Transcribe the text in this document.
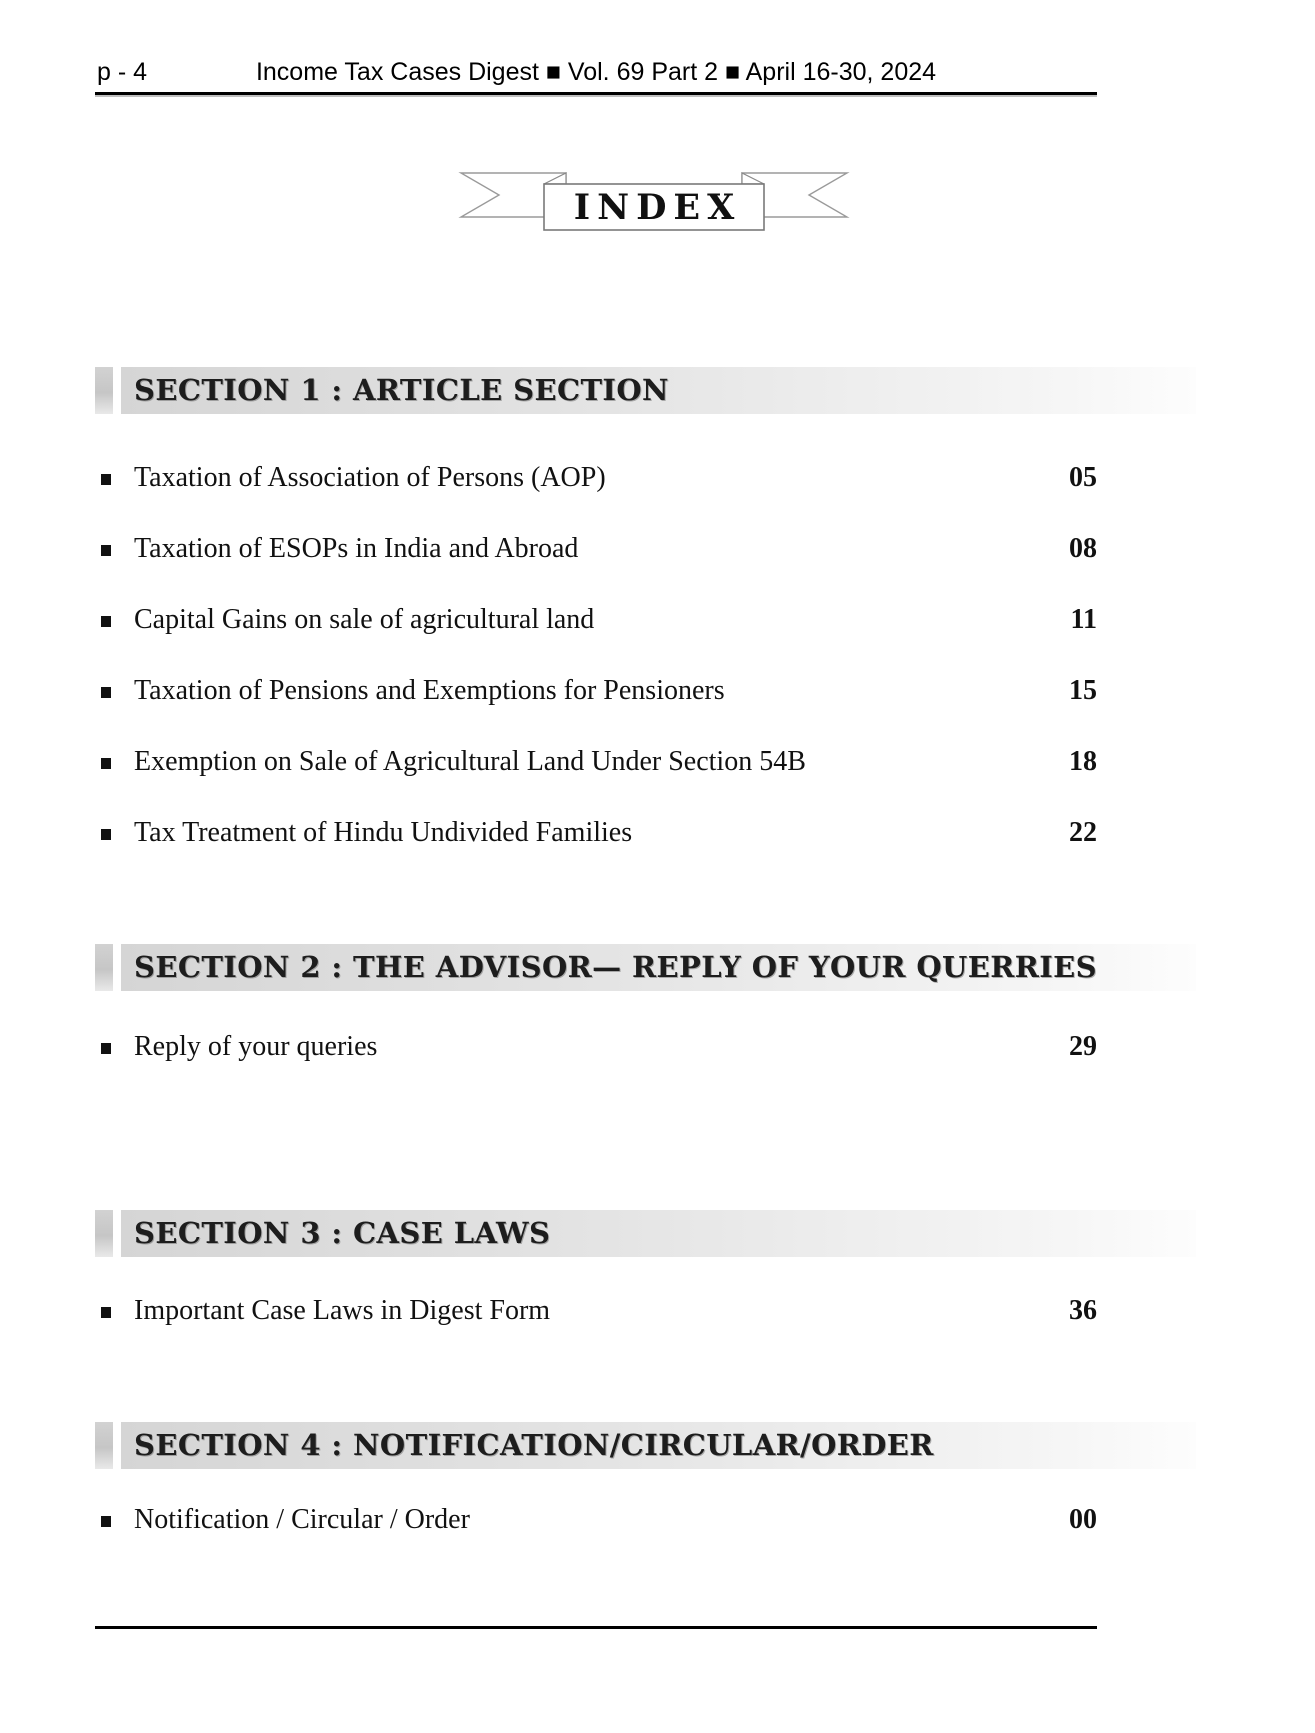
p - 4	Income Tax Cases Digest ■ Vol. 69 Part 2 ■ April 16-30, 2024
INDEX
SECTION 1 : ARTICLE SECTION
Taxation of Association of Persons (AOP)	05
Taxation of ESOPs in India and Abroad	08
Capital Gains on sale of agricultural land	11
Taxation of Pensions and Exemptions for Pensioners	15
Exemption on Sale of Agricultural Land Under Section 54B	18
Tax Treatment of Hindu Undivided Families	22
SECTION 2 : THE ADVISOR— REPLY OF YOUR QUERRIES
Reply of your queries	29
SECTION 3 : CASE LAWS
Important Case Laws in Digest Form	36
SECTION 4 : NOTIFICATION/CIRCULAR/ORDER
Notification / Circular / Order	00
